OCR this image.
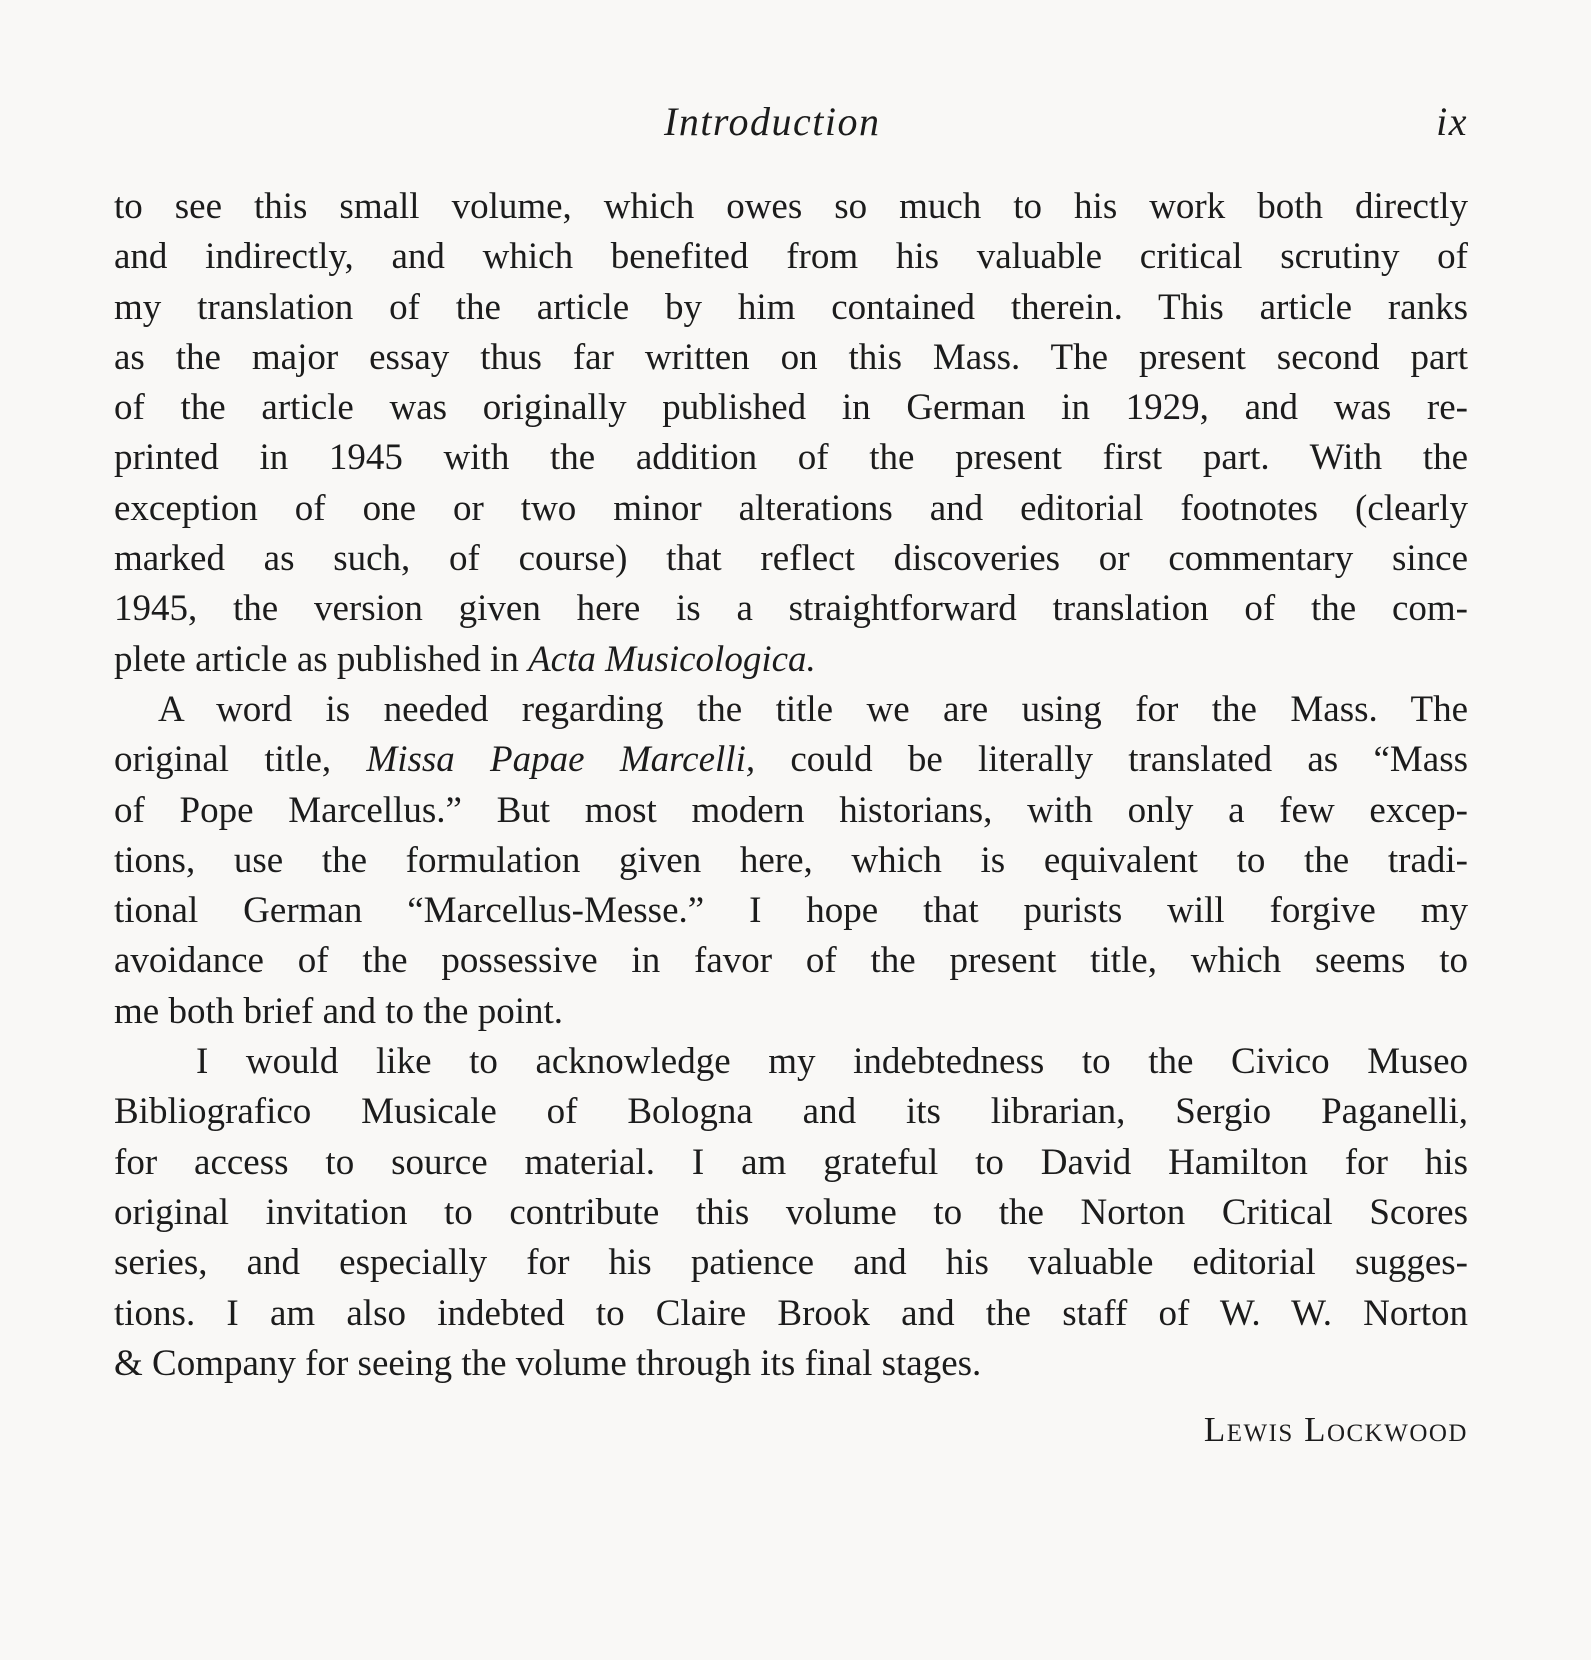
Introduction	ix

to see this small volume, which owes so much to his work both directly
and indirectly, and which benefited from his valuable critical scrutiny of
my translation of the article by him contained therein. This article ranks
as the major essay thus far written on this Mass. The present second part
of the article was originally published in German in 1929, and was re-
printed in 1945 with the addition of the present first part. With the
exception of one or two minor alterations and editorial footnotes (clearly
marked as such, of course) that reflect discoveries or commentary since
1945, the version given here is a straightforward translation of the com-
plete article as published in Acta Musicologica.

A word is needed regarding the title we are using for the Mass. The
original title, Missa Papae Marcelli, could be literally translated as “Mass
of Pope Marcellus.” But most modern historians, with only a few excep-
tions, use the formulation given here, which is equivalent to the tradi-
tional German “Marcellus-Messe.” I hope that purists will forgive my
avoidance of the possessive in favor of the present title, which seems to
me both brief and to the point.

I would like to acknowledge my indebtedness to the Civico Museo
Bibliografico Musicale of Bologna and its librarian, Sergio Paganelli,
for access to source material. I am grateful to David Hamilton for his
original invitation to contribute this volume to the Norton Critical Scores
series, and especially for his patience and his valuable editorial sugges-
tions. I am also indebted to Claire Brook and the staff of W. W. Norton
& Company for seeing the volume through its final stages.

Lewis Lockwood
